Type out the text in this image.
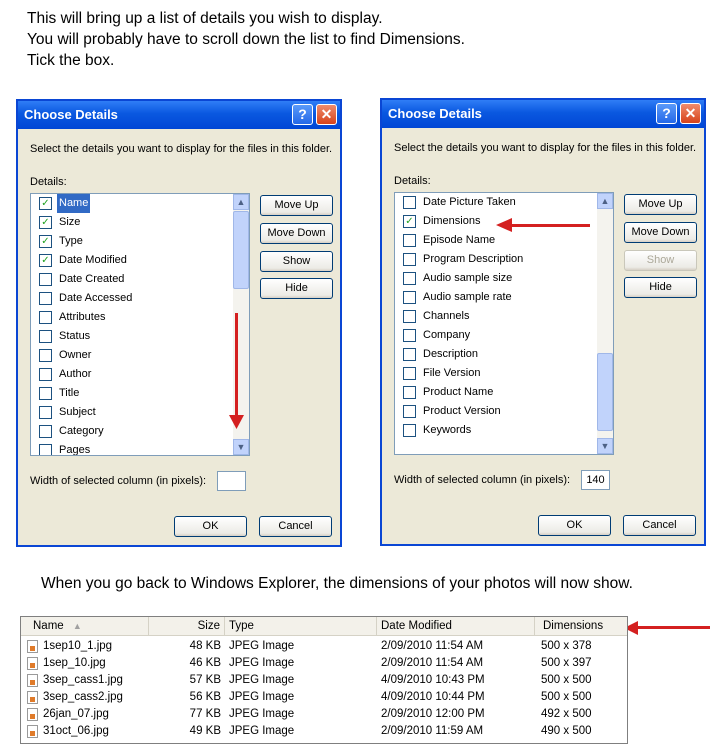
This will bring up a list of details you wish to display.
You will probably have to scroll down the list to find Dimensions.
Tick the box.
Choose Details	? ✕
Select the details you want to display for the files in this folder.
Details:
✓ Name
✓ Size
✓ Type
✓ Date Modified
Date Created
Date Accessed
Attributes
Status
Owner
Author
Title
Subject
Category
Pages
▲
▼
Move Up
Move Down
Show
Hide
Width of selected column (in pixels):
OK	Cancel
Choose Details	? ✕
Select the details you want to display for the files in this folder.
Details:
Date Picture Taken
✓ Dimensions
Episode Name
Program Description
Audio sample size
Audio sample rate
Channels
Company
Description
File Version
Product Name
Product Version
Keywords
▲
▼
Move Up
Move Down
Show
Hide
Width of selected column (in pixels):	140
OK	Cancel
When you go back to Windows Explorer, the dimensions of your photos will now show.
Name ▲	Size Type	Date Modified	Dimensions
1sep10_1.jpg	48 KB JPEG Image	2/09/2010 11:54 AM	500 x 378
1sep_10.jpg	46 KB JPEG Image	2/09/2010 11:54 AM	500 x 397
3sep_cass1.jpg	57 KB JPEG Image	4/09/2010 10:43 PM	500 x 500
3sep_cass2.jpg	56 KB JPEG Image	4/09/2010 10:44 PM	500 x 500
26jan_07.jpg	77 KB JPEG Image	2/09/2010 12:00 PM	492 x 500
31oct_06.jpg	49 KB JPEG Image	2/09/2010 11:59 AM	490 x 500
